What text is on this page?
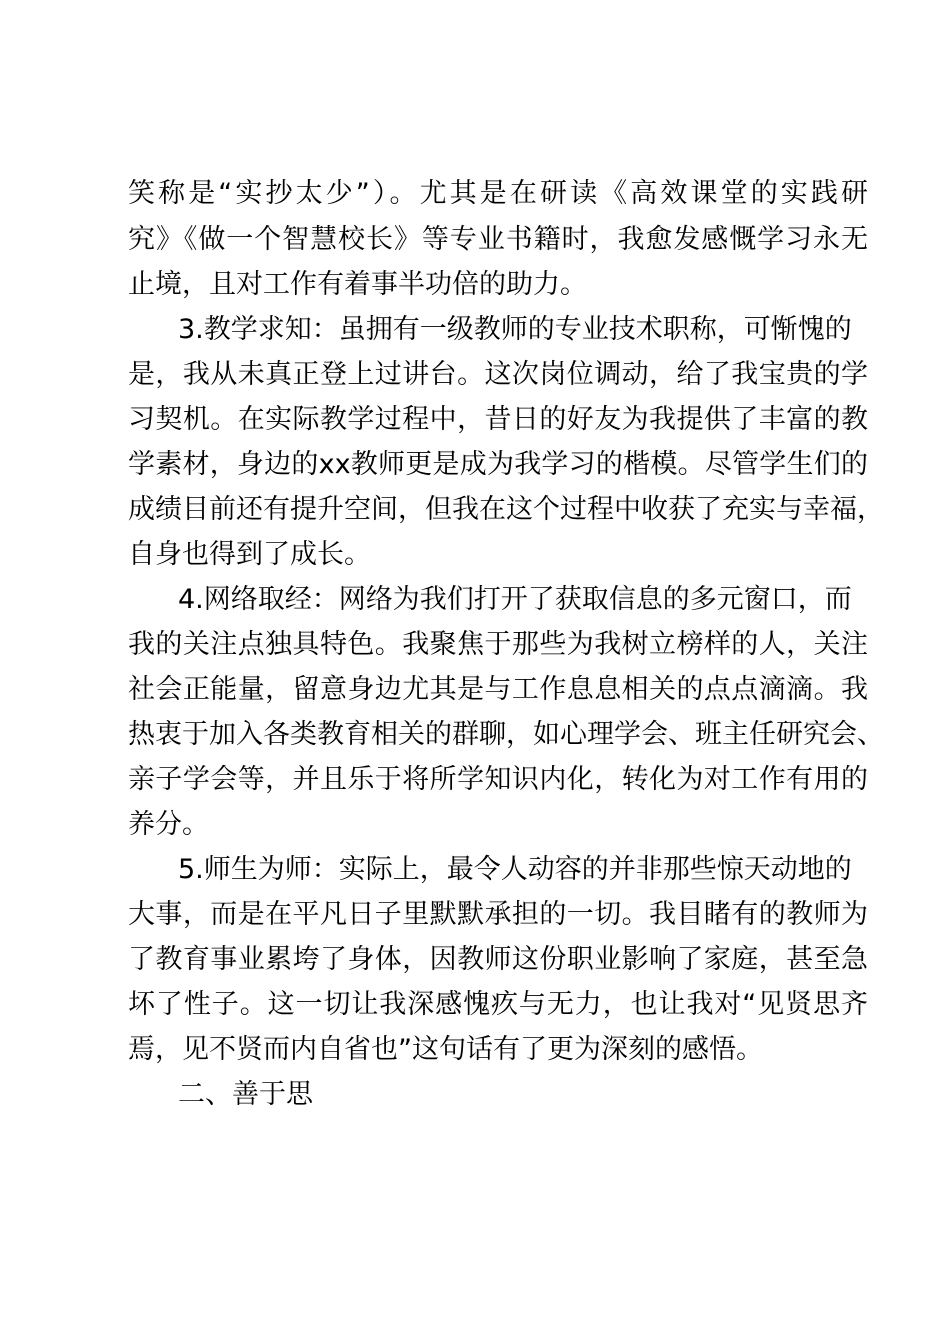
笑称是“实抄太少”）。尤其是在研读《高效课堂的实践研
究》《做一个智慧校长》等专业书籍时，我愈发感慨学习永无
止境，且对工作有着事半功倍的助力。
3.教学求知：虽拥有一级教师的专业技术职称，可惭愧的
是，我从未真正登上过讲台。这次岗位调动，给了我宝贵的学
习契机。在实际教学过程中，昔日的好友为我提供了丰富的教
学素材，身边的xx教师更是成为我学习的楷模。尽管学生们的
成绩目前还有提升空间，但我在这个过程中收获了充实与幸福，
自身也得到了成长。
4.网络取经：网络为我们打开了获取信息的多元窗口，而
我的关注点独具特色。我聚焦于那些为我树立榜样的人，关注
社会正能量，留意身边尤其是与工作息息相关的点点滴滴。我
热衷于加入各类教育相关的群聊，如心理学会、班主任研究会、
亲子学会等，并且乐于将所学知识内化，转化为对工作有用的
养分。
5.师生为师：实际上，最令人动容的并非那些惊天动地的
大事，而是在平凡日子里默默承担的一切。我目睹有的教师为
了教育事业累垮了身体，因教师这份职业影响了家庭，甚至急
坏了性子。这一切让我深感愧疚与无力，也让我对“见贤思齐
焉，见不贤而内自省也”这句话有了更为深刻的感悟。
二、善于思
